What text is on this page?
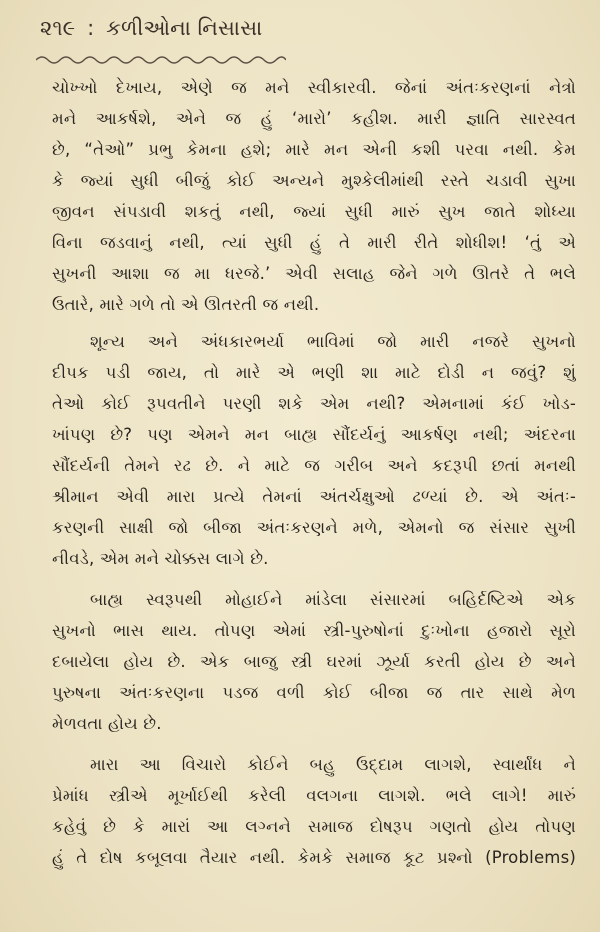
૨૧૯ : કળીઓના નિસાસા
ચોખ્ખો દેખાય, એણે જ મને સ્વીકારવી. જેનાં અંતઃકરણનાં નેત્રો
મને આકર્ષશે, એને જ હું ‘મારો’ કહીશ. મારી જ્ઞાતિ સારસ્વત
છે, “તેઓ” પ્રભુ કેમના હશે; મારે મન એની કશી પરવા નથી. કેમ
કે જ્યાં સુધી બીજું કોઈ અન્યને મુશ્કેલીમાંથી રસ્તે ચડાવી સુખા
જીવન સંપડાવી શકતું નથી, જ્યાં સુધી મારું સુખ જાતે શોધ્યા
વિના જડવાનું નથી, ત્યાં સુધી હું તે મારી રીતે શોધીશ! ‘તું એ
સુખની આશા જ મા ધરજે.’ એવી સલાહ જેને ગળે ઊતરે તે ભલે
ઉતારે, મારે ગળે તો એ ઊતરતી જ નથી.
શૂન્ય અને અંધકારભર્યા ભાવિમાં જો મારી નજરે સુખનો
દીપક પડી જાય, તો મારે એ ભણી શા માટે દોડી ન જવું? શું
તેઓ કોઈ રૂપવતીને પરણી શકે એમ નથી? એમનામાં કંઈ ખોડ-
ખાંપણ છે? પણ એમને મન બાહ્ય સૌંદર્યનું આકર્ષણ નથી; અંદરના
સૌંદર્યની તેમને રઢ છે. ને માટે જ ગરીબ અને કદરૂપી છતાં મનથી
શ્રીમાન એવી મારા પ્રત્યે તેમનાં અંતર્ચક્ષુઓ ઢળ્યાં છે. એ અંતઃ-
કરણની સાક્ષી જો બીજા અંતઃકરણને મળે, એમનો જ સંસાર સુખી
નીવડે, એમ મને ચોક્કસ લાગે છે.
બાહ્ય સ્વરૂપથી મોહાઈને માંડેલા સંસારમાં બહિર્દષ્ટિએ એક
સુખનો ભાસ થાય. તોપણ એમાં સ્ત્રી-પુરુષોનાં દુઃખોના હજારો સૂરો
દબાયેલા હોય છે. એક બાજુ સ્ત્રી ઘરમાં ઝૂર્યા કરતી હોય છે અને
પુરુષના અંતઃકરણના પડજ વળી કોઈ બીજા જ તાર સાથે મેળ
મેળવતા હોય છે.
મારા આ વિચારો કોઈને બહુ ઉદ્દામ લાગશે, સ્વાર્થાંધ ને
પ્રેમાંધ સ્ત્રીએ મૂર્ખાઈથી કરેલી વલગના લાગશે. ભલે લાગે! મારું
કહેવું છે કે મારાં આ લગ્નને સમાજ દોષરૂપ ગણતો હોય તોપણ
હું તે દોષ કબૂલવા તૈયાર નથી. કેમકે સમાજ કૂટ પ્રશ્નો (Problems)
